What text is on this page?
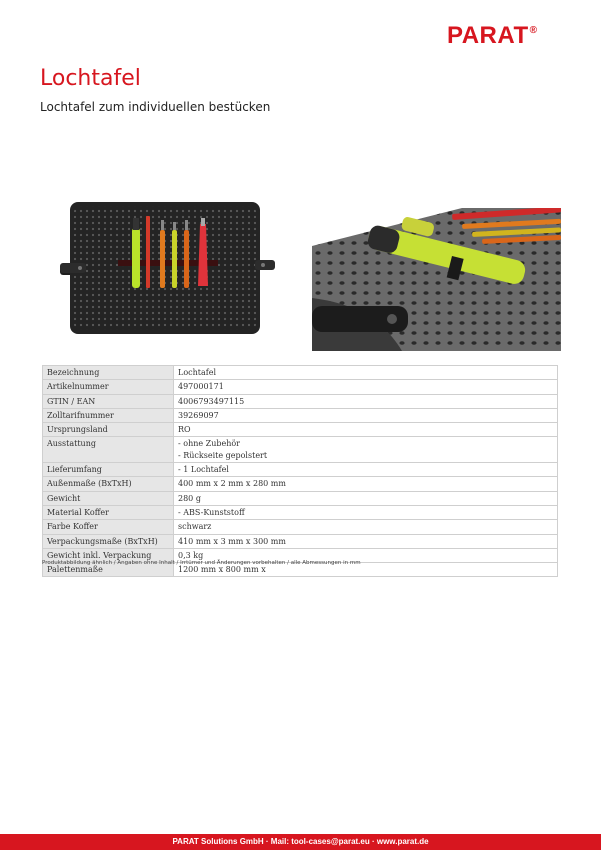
PARAT®
Lochtafel
Lochtafel zum individuellen bestücken
Bezeichnung	Lochtafel

Artikelnummer	497000171

GTIN / EAN	4006793497115

Zolltarifnummer	39269097

Ursprungsland	RO

Ausstattung	- ohne Zubehör
- Rückseite gepolstert

Lieferumfang	- 1 Lochtafel

Außenmaße (BxTxH)	400 mm x 2 mm x 280 mm

Gewicht	280 g

Material Koffer	- ABS-Kunststoff

Farbe Koffer	schwarz

Verpackungsmaße (BxTxH)	410 mm x 3 mm x 300 mm

Gewicht inkl. Verpackung	0,3 kg

Palettenmaße	1200 mm x 800 mm x
Produktabbildung ähnlich / Angaben ohne Inhalt / Irrtümer und Änderungen vorbehalten / alle Abmessungen in mm
PARAT Solutions GmbH · Mail: tool-cases@parat.eu · www.parat.de
